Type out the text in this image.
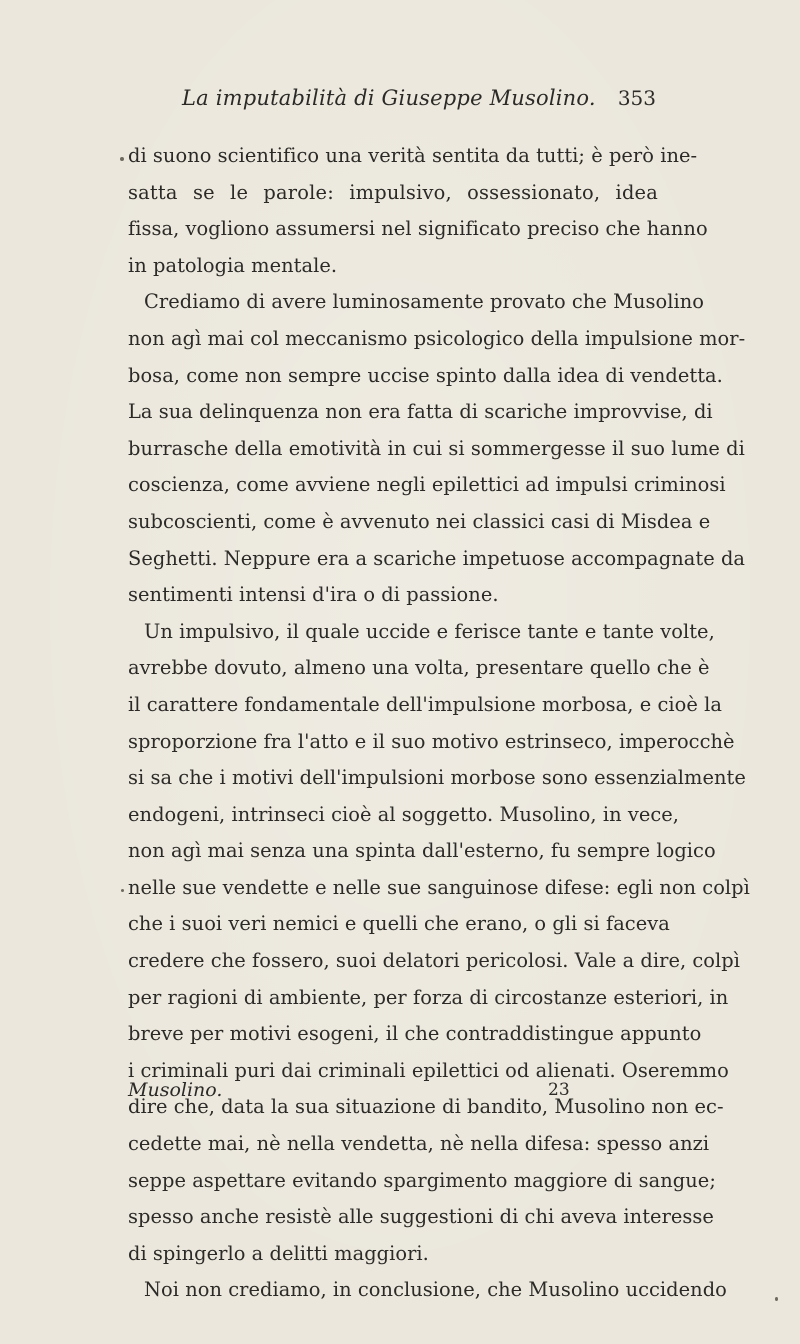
La imputabilità di Giuseppe Musolino.	353
di suono scientifico una verità sentita da tutti; è però ine-
satta se le parole: impulsivo, ossessionato, idea
fissa, vogliono assumersi nel significato preciso che hanno
in patologia mentale.
Crediamo di avere luminosamente provato che Musolino
non agì mai col meccanismo psicologico della impulsione mor-
bosa, come non sempre uccise spinto dalla idea di vendetta.
La sua delinquenza non era fatta di scariche improvvise, di
burrasche della emotività in cui si sommergesse il suo lume di
coscienza, come avviene negli epilettici ad impulsi criminosi
subcoscienti, come è avvenuto nei classici casi di Misdea e
Seghetti. Neppure era a scariche impetuose accompagnate da
sentimenti intensi d'ira o di passione.
Un impulsivo, il quale uccide e ferisce tante e tante volte,
avrebbe dovuto, almeno una volta, presentare quello che è
il carattere fondamentale dell'impulsione morbosa, e cioè la
sproporzione fra l'atto e il suo motivo estrinseco, imperocchè
si sa che i motivi dell'impulsioni morbose sono essenzialmente
endogeni, intrinseci cioè al soggetto. Musolino, in vece,
non agì mai senza una spinta dall'esterno, fu sempre logico
nelle sue vendette e nelle sue sanguinose difese: egli non colpì
che i suoi veri nemici e quelli che erano, o gli si faceva
credere che fossero, suoi delatori pericolosi. Vale a dire, colpì
per ragioni di ambiente, per forza di circostanze esteriori, in
breve per motivi esogeni, il che contraddistingue appunto
i criminali puri dai criminali epilettici od alienati. Oseremmo
dire che, data la sua situazione di bandito, Musolino non ec-
cedette mai, nè nella vendetta, nè nella difesa: spesso anzi
seppe aspettare evitando spargimento maggiore di sangue;
spesso anche resistè alle suggestioni di chi aveva interesse
di spingerlo a delitti maggiori.
Noi non crediamo, in conclusione, che Musolino uccidendo
Musolino.	23
